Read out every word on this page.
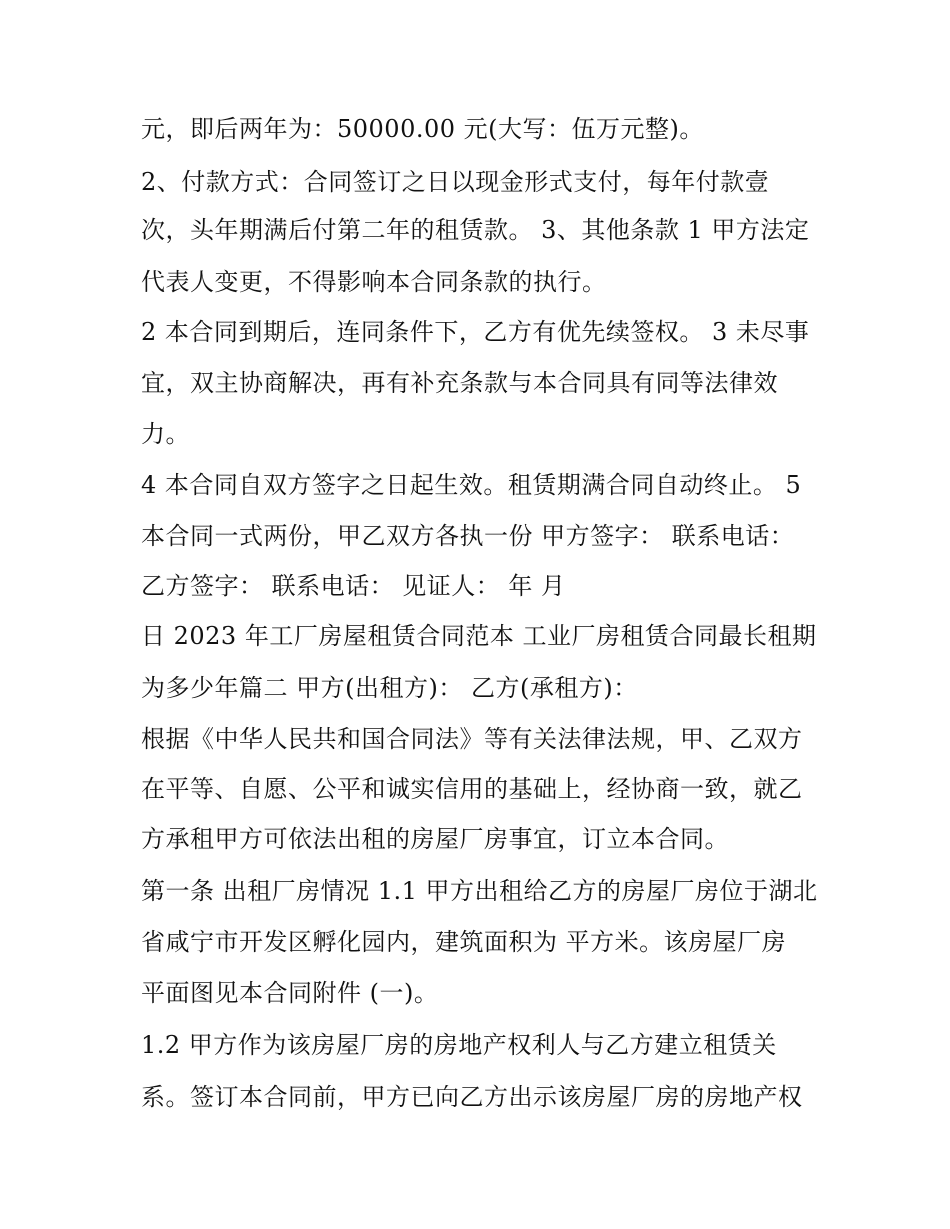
元，即后两年为：50000.00 元(大写：伍万元整)。
2、付款方式：合同签订之日以现金形式支付，每年付款壹
次，头年期满后付第二年的租赁款。 3、其他条款 1 甲方法定
代表人变更，不得影响本合同条款的执行。
2 本合同到期后，连同条件下，乙方有优先续签权。 3 未尽事
宜，双主协商解决，再有补充条款与本合同具有同等法律效
力。
4 本合同自双方签字之日起生效。租赁期满合同自动终止。 5
本合同一式两份，甲乙双方各执一份 甲方签字： 联系电话：
乙方签字： 联系电话： 见证人： 年 月
日 2023 年工厂房屋租赁合同范本 工业厂房租赁合同最长租期
为多少年篇二 甲方(出租方)： 乙方(承租方)：
根据《中华人民共和国合同法》等有关法律法规，甲、乙双方
在平等、自愿、公平和诚实信用的基础上，经协商一致，就乙
方承租甲方可依法出租的房屋厂房事宜，订立本合同。
第一条 出租厂房情况 1.1 甲方出租给乙方的房屋厂房位于湖北
省咸宁市开发区孵化园内，建筑面积为 平方米。该房屋厂房
平面图见本合同附件 (一)。
1.2 甲方作为该房屋厂房的房地产权利人与乙方建立租赁关
系。签订本合同前，甲方已向乙方出示该房屋厂房的房地产权
